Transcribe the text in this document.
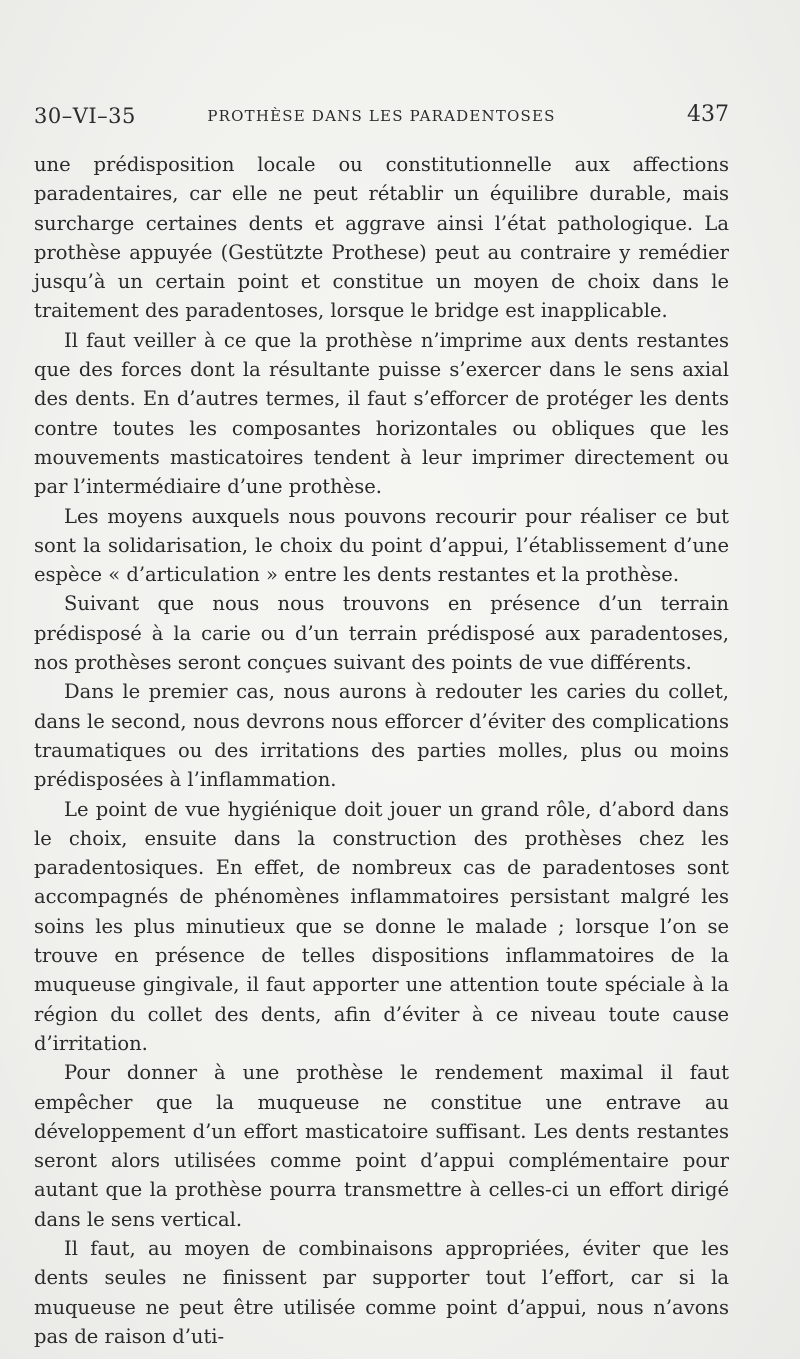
30–VI–35	PROTHÈSE DANS LES PARADENTOSES	437

une prédisposition locale ou constitutionnelle aux affections paradentaires, car elle ne peut rétablir un équilibre durable, mais surcharge certaines dents et aggrave ainsi l’état pathologique. La prothèse appuyée (Gestützte Prothese) peut au contraire y remédier jusqu’à un certain point et constitue un moyen de choix dans le traitement des paradentoses, lorsque le bridge est inapplicable.

Il faut veiller à ce que la prothèse n’imprime aux dents restantes que des forces dont la résultante puisse s’exercer dans le sens axial des dents. En d’autres termes, il faut s’efforcer de protéger les dents contre toutes les composantes horizontales ou obliques que les mouvements masticatoires tendent à leur imprimer directement ou par l’intermédiaire d’une prothèse.

Les moyens auxquels nous pouvons recourir pour réaliser ce but sont la solidarisation, le choix du point d’appui, l’établissement d’une espèce « d’articulation » entre les dents restantes et la prothèse.

Suivant que nous nous trouvons en présence d’un terrain prédisposé à la carie ou d’un terrain prédisposé aux paradentoses, nos prothèses seront conçues suivant des points de vue différents.

Dans le premier cas, nous aurons à redouter les caries du collet, dans le second, nous devrons nous efforcer d’éviter des complications traumatiques ou des irritations des parties molles, plus ou moins prédisposées à l’inflammation.

Le point de vue hygiénique doit jouer un grand rôle, d’abord dans le choix, ensuite dans la construction des prothèses chez les paradentosiques. En effet, de nombreux cas de paradentoses sont accompagnés de phénomènes inflammatoires persistant malgré les soins les plus minutieux que se donne le malade ; lorsque l’on se trouve en présence de telles dispositions inflammatoires de la muqueuse gingivale, il faut apporter une attention toute spéciale à la région du collet des dents, afin d’éviter à ce niveau toute cause d’irritation.

Pour donner à une prothèse le rendement maximal il faut empêcher que la muqueuse ne constitue une entrave au développement d’un effort masticatoire suffisant. Les dents restantes seront alors utilisées comme point d’appui complémentaire pour autant que la prothèse pourra transmettre à celles-ci un effort dirigé dans le sens vertical.

Il faut, au moyen de combinaisons appropriées, éviter que les dents seules ne finissent par supporter tout l’effort, car si la muqueuse ne peut être utilisée comme point d’appui, nous n’avons pas de raison d’uti-
